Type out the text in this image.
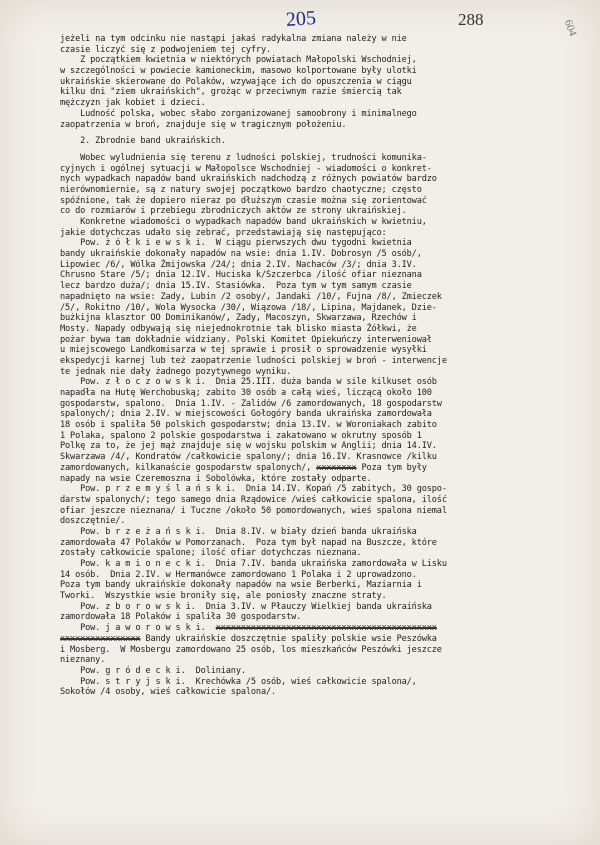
205	288	604
jeżeli na tym odcinku nie nastąpi jakaś radykalna zmiana należy w nie
czasie liczyć się z podwojeniem tej cyfry.
Z początkiem kwietnia w niektórych powiatach Małopolski Wschodniej,
w szczególności w powiecie kamioneckim, masowo kolportowane były ulotki
ukraińskie skierowane do Polaków, wzywające ich do opuszczenia w ciągu
kilku dni "ziem ukraińskich", grożąc w przeciwnym razie śmiercią tak
mężczyzn jak kobiet i dzieci.
Ludność polska, wobec słabo zorganizowanej samoobrony i minimalnego
zaopatrzenia w broń, znajduje się w tragicznym położeniu.
2. Zbrodnie band ukraińskich.
Wobec wyludnienia się terenu z ludności polskiej, trudności komunika-
cyjnych i ogólnej sytuacji w Małopolsce Wschodniej - wiadomości o konkret-
nych wypadkach napadów band ukraińskich nadchodzą z różnych powiatów bardzo
nierównomiernie, są z natury swojej początkowo bardzo chaotyczne; często
spóźnione, tak że dopiero nieraz po dłuższym czasie można się zorientować
co do rozmiarów i przebiegu zbrodniczych aktów ze strony ukraińskiej.
Konkretne wiadomości o wypadkach napadów band ukraińskich w kwietniu,
jakie dotychczas udało się zebrać, przedstawiają się następująco:
Pow. ż ó ł k i e w s k i.  W ciągu pierwszych dwu tygodni kwietnia
bandy ukraińskie dokonały napadów na wsie: dnia 1.IV. Dobrosyn /5 osób/,
Lipowiec /6/, Wólka Żmijowska /24/; dnia 2.IV. Nachaców /3/; dnia 3.IV.
Chrusno Stare /5/; dnia 12.IV. Huciska k/Szczerbca /ilość ofiar nieznana
lecz bardzo duża/; dnia 15.IV. Stasiówka.  Poza tym w tym samym czasie
napadnięto na wsie: Zady, Lubin /2 osoby/, Jandaki /10/, Fujna /8/, Zmieczek
/5/, Rokitno /10/, Wola Wysocka /30/, Wiązowa /18/, Lipina, Majdanek, Dzie-
bużkijna klasztor OO Dominikanów/, Zady, Macoszyn, Skwarzawa, Rzechów i
Mosty. Napady odbywają się niejednokrotnie tak blisko miasta Żółkwi, że
pożar bywa tam dokładnie widziany. Polski Komitet Opiekuńczy interweniował
u miejscowego Landkomisarza w tej sprawie i prosił o sprowadzenie wysyłki
ekspedycji karnej lub też zaopatrzenie ludności polskiej w broń - interwencje
te jednak nie dały żadnego pozytywnego wyniku.
Pow. z ł o c z o w s k i.  Dnia 25.III. duża banda w sile kilkuset osób
napadła na Hutę Werchobuską; zabito 30 osób a całą wieś, liczącą około 100
gospodarstw, spalono.  Dnia 1.IV. - Zalidów /6 zamordowanych, 18 gospodarstw
spalonych/; dnia 2.IV. w miejscowości Gołogóry banda ukraińska zamordowała
18 osób i spaliła 50 polskich gospodarstw; dnia 13.IV. w Woroniakach zabito
1 Polaka, spalono 2 polskie gospodarstwa i zakatowano w okrutny sposób 1
Polkę za to, że jej mąż znajduje się w wojsku polskim w Anglii; dnia 14.IV.
Skwarzawa /4/, Kondratów /całkowicie spalony/; dnia 16.IV. Krasnowce /kilku
zamordowanych, kilkanaście gospodarstw spalonych/, xxxxxxxx Poza tym były
napady na wsie Czeremoszna i Sobolówka, które zostały odparte.
Pow. p r z e m y ś l a ń s k i.  Dnia 14.IV. Kopań /5 zabitych, 30 gospo-
darstw spalonych/; tego samego dnia Rządowice /wieś całkowicie spalona, ilość
ofiar jeszcze nieznana/ i Tuczne /około 50 pomordowanych, wieś spalona niemal
doszczętnie/.
Pow. b r z e ż a ń s k i.  Dnia 8.IV. w biały dzień banda ukraińska
zamordowała 47 Polaków w Pomorzanach.  Poza tym był napad na Buszcze, które
zostały całkowicie spalone; ilość ofiar dotychczas nieznana.
Pow. k a m i o n e c k i.  Dnia 7.IV. banda ukraińska zamordowała w Lisku
14 osób.  Dnia 2.IV. w Hermanówce zamordowano 1 Polaka i 2 uprowadzono.
Poza tym bandy ukraińskie dokonały napadów na wsie Berberki, Maziarnia i
Tworki.  Wszystkie wsie broniły się, ale poniosły znaczne straty.
Pow. z b o r o w s k i.  Dnia 3.IV. w Płauczy Wielkiej banda ukraińska
zamordowała 18 Polaków i spaliła 30 gospodarstw.
Pow. j a w o r o w s k i.  xxxxxxxxxxxxxxxxxxxxxxxxxxxxxxxxxxxxxxxxxxxx
xxxxxxxxxxxxxxxx Bandy ukraińskie doszczętnie spaliły polskie wsie Peszówka
i Mosberg.  W Mosbergu zamordowano 25 osób, los mieszkańców Peszówki jeszcze
nieznany.
Pow. g r ó d e c k i.  Doliniany.
Pow. s t r y j s k i.  Krechówka /5 osób, wieś całkowicie spalona/,
Sokołów /4 osoby, wieś całkowicie spalona/.
